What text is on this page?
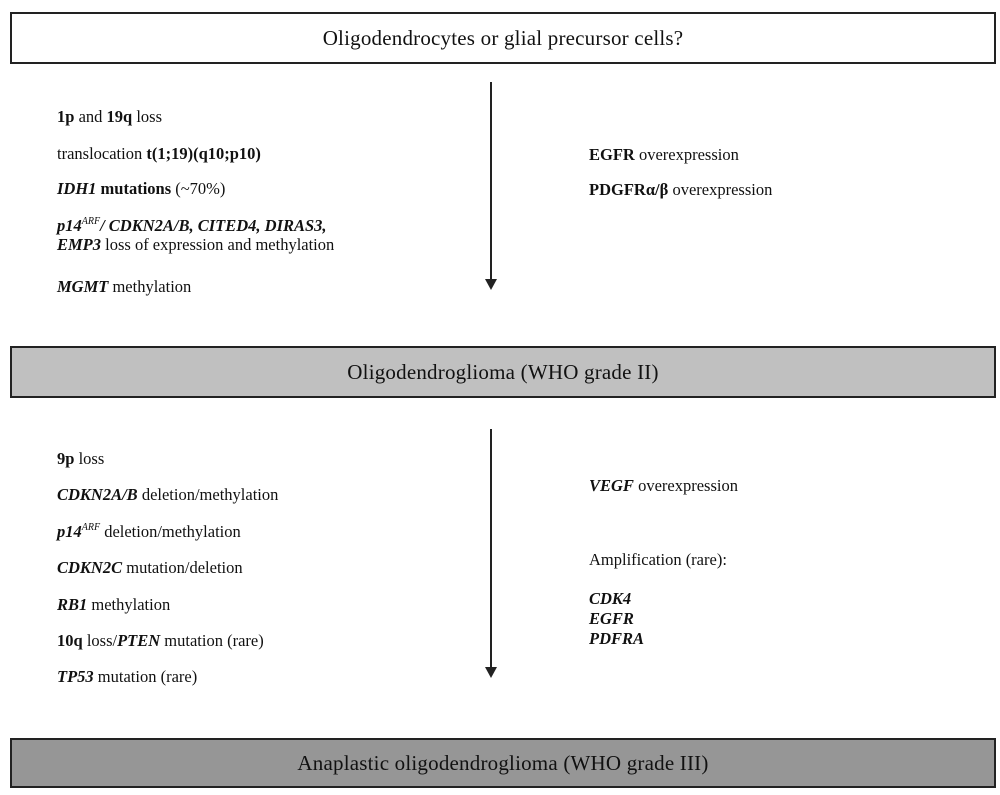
Oligodendrocytes or glial precursor cells?
Oligodendroglioma (WHO grade II)
Anaplastic oligodendroglioma (WHO grade III)
1p and 19q loss
translocation t(1;19)(q10;p10)
IDH1 mutations (~70%)
$p14^{ARF}/$ CDKN2A/B, CITED4, DIRAS3,
EMP3 loss of expression and methylation
MGMT methylation
EGFR overexpression
PDGFRα/β overexpression
9p loss
CDKN2A/B deletion/methylation
$p14^{ARF}$ deletion/methylation
CDKN2C mutation/deletion
RB1 methylation
10q loss/PTEN mutation (rare)
TP53 mutation (rare)
VEGF overexpression
Amplification (rare):
CDK4
EGFR
PDFRA
